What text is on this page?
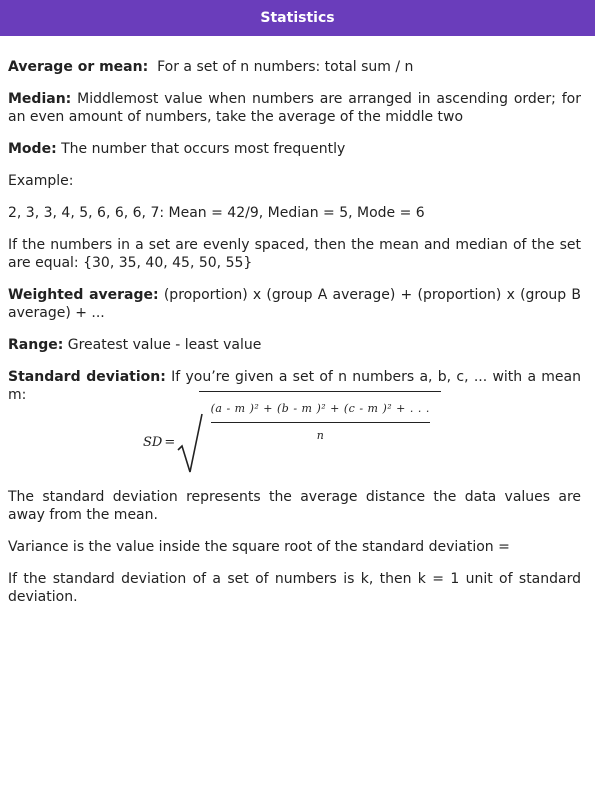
Statistics

Average or mean:  For a set of n numbers: total sum / n

Median: Middlemost value when numbers are arranged in ascending order; for an even amount of numbers, take the average of the middle two

Mode: The number that occurs most frequently

Example:

2, 3, 3, 4, 5, 6, 6, 6, 7: Mean = 42/9, Median = 5, Mode = 6

If the numbers in a set are evenly spaced, then the mean and median of the set are equal: {30, 35, 40, 45, 50, 55}

Weighted average: (proportion) x (group A average) + (proportion) x (group B average) + ...

Range: Greatest value - least value

Standard deviation: If you’re given a set of n numbers a, b, c, ... with a mean m:

SD = $\frac{\text{(a - m )² + (b - m )² + (c - m )² + . . .}}{n}$

The standard deviation represents the average distance the data values are away from the mean.

Variance is the value inside the square root of the standard deviation =

If the standard deviation of a set of numbers is k, then k = 1 unit of standard deviation.
